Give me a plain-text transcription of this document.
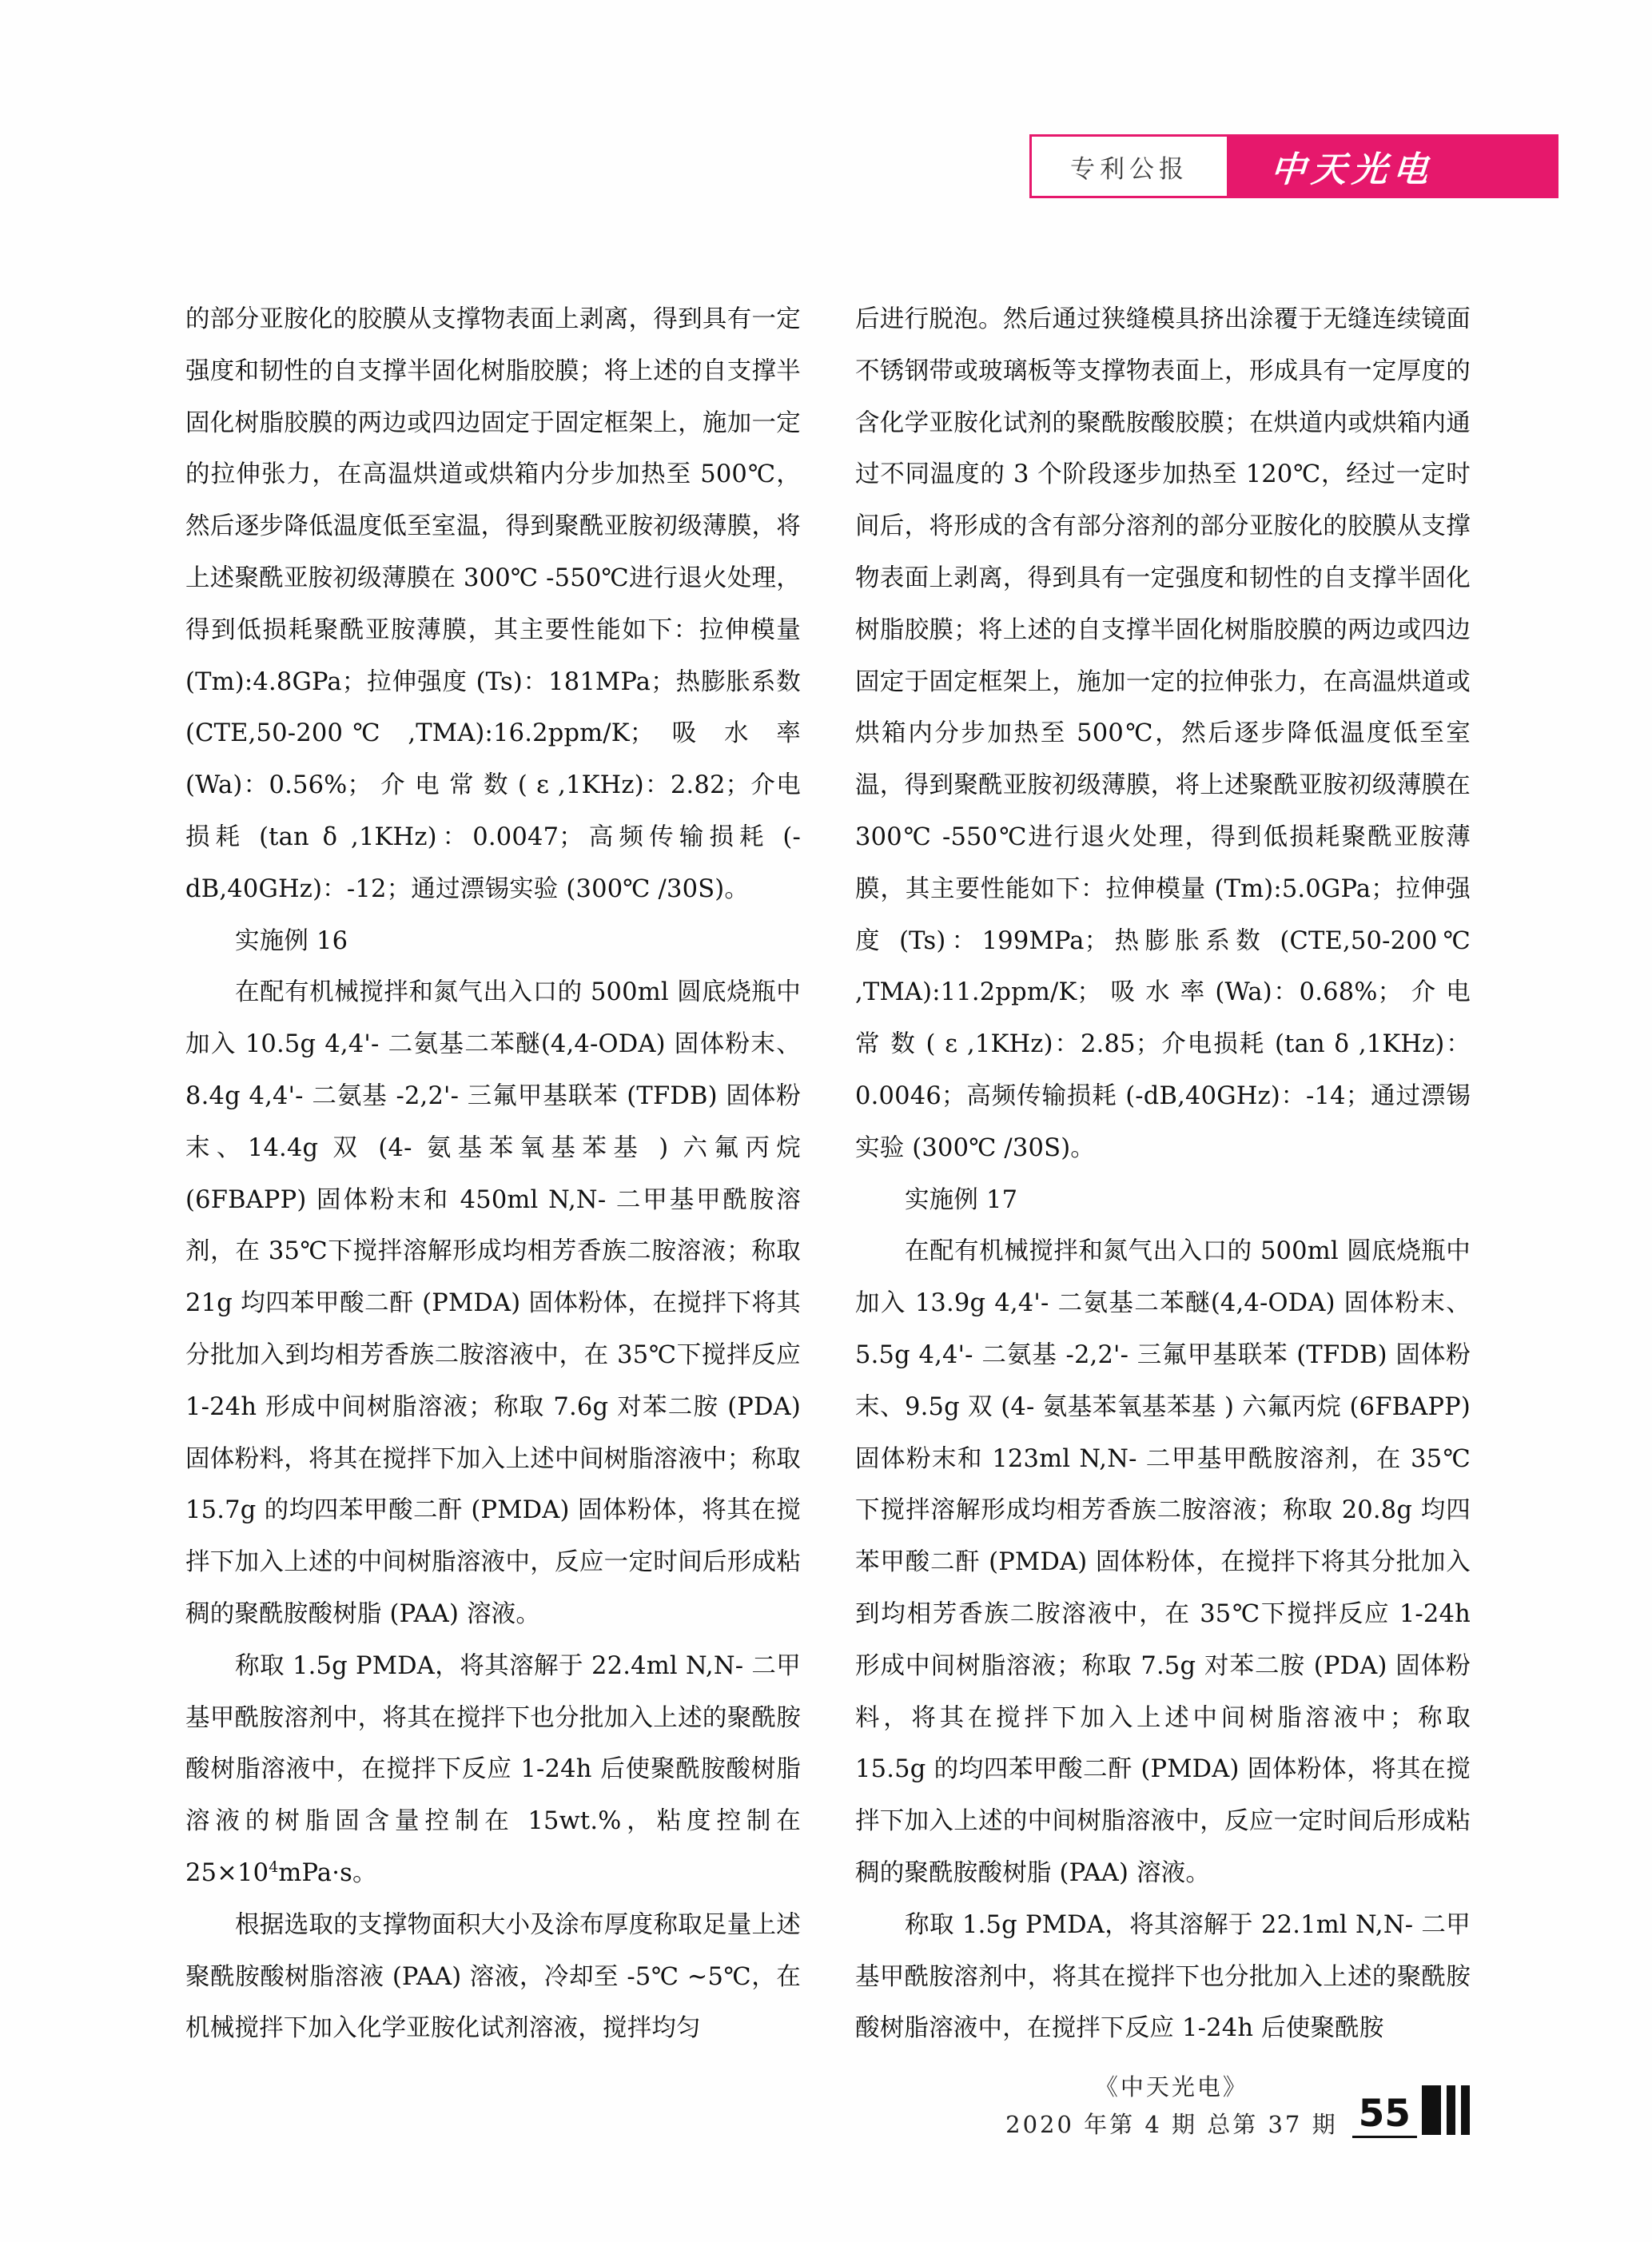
专利公报	中天光电

的部分亚胺化的胶膜从支撑物表面上剥离，得到具有一定强度和韧性的自支撑半固化树脂胶膜；将上述的自支撑半固化树脂胶膜的两边或四边固定于固定框架上，施加一定的拉伸张力，在高温烘道或烘箱内分步加热至 500℃，然后逐步降低温度低至室温，得到聚酰亚胺初级薄膜，将上述聚酰亚胺初级薄膜在 300℃ -550℃进行退火处理，得到低损耗聚酰亚胺薄膜，其主要性能如下：拉伸模量 (Tm):4.8GPa；拉伸强度 (Ts)：181MPa；热膨胀系数 (CTE,50-200℃ ,TMA):16.2ppm/K； 吸 水 率 (Wa)：0.56%； 介 电 常 数 ( ε ,1KHz)：2.82；介电损耗 (tan δ ,1KHz)：0.0047；高频传输损耗 (-dB,40GHz)：-12；通过漂锡实验 (300℃ /30S)。

实施例 16

在配有机械搅拌和氮气出入口的 500ml 圆底烧瓶中加入 10.5g 4,4'- 二氨基二苯醚(4,4-ODA) 固体粉末、8.4g 4,4'- 二氨基 -2,2'- 三氟甲基联苯 (TFDB) 固体粉末、14.4g 双 (4- 氨基苯氧基苯基 ) 六氟丙烷 (6FBAPP) 固体粉末和 450ml N,N- 二甲基甲酰胺溶剂，在 35℃下搅拌溶解形成均相芳香族二胺溶液；称取 21g 均四苯甲酸二酐 (PMDA) 固体粉体，在搅拌下将其分批加入到均相芳香族二胺溶液中，在 35℃下搅拌反应 1-24h 形成中间树脂溶液；称取 7.6g 对苯二胺 (PDA) 固体粉料，将其在搅拌下加入上述中间树脂溶液中；称取 15.7g 的均四苯甲酸二酐 (PMDA) 固体粉体，将其在搅拌下加入上述的中间树脂溶液中，反应一定时间后形成粘稠的聚酰胺酸树脂 (PAA) 溶液。

称取 1.5g PMDA，将其溶解于 22.4ml N,N- 二甲基甲酰胺溶剂中，将其在搅拌下也分批加入上述的聚酰胺酸树脂溶液中，在搅拌下反应 1-24h 后使聚酰胺酸树脂溶液的树脂固含量控制在 15wt.%，粘度控制在 $25\times 10^4mPa\cdot s$。

根据选取的支撑物面积大小及涂布厚度称取足量上述聚酰胺酸树脂溶液 (PAA) 溶液，冷却至 -5℃ ~5℃，在机械搅拌下加入化学亚胺化试剂溶液，搅拌均匀

后进行脱泡。然后通过狭缝模具挤出涂覆于无缝连续镜面不锈钢带或玻璃板等支撑物表面上，形成具有一定厚度的含化学亚胺化试剂的聚酰胺酸胶膜；在烘道内或烘箱内通过不同温度的 3 个阶段逐步加热至 120℃，经过一定时间后，将形成的含有部分溶剂的部分亚胺化的胶膜从支撑物表面上剥离，得到具有一定强度和韧性的自支撑半固化树脂胶膜；将上述的自支撑半固化树脂胶膜的两边或四边固定于固定框架上，施加一定的拉伸张力，在高温烘道或烘箱内分步加热至 500℃，然后逐步降低温度低至室温，得到聚酰亚胺初级薄膜，将上述聚酰亚胺初级薄膜在 300℃ -550℃进行退火处理，得到低损耗聚酰亚胺薄膜，其主要性能如下：拉伸模量 (Tm):5.0GPa；拉伸强度 (Ts)：199MPa；热膨胀系数 (CTE,50-200℃ ,TMA):11.2ppm/K； 吸 水 率 (Wa)：0.68%； 介 电 常 数 ( ε ,1KHz)：2.85；介电损耗 (tan δ ,1KHz)：0.0046；高频传输损耗 (-dB,40GHz)：-14；通过漂锡实验 (300℃ /30S)。

实施例 17

在配有机械搅拌和氮气出入口的 500ml 圆底烧瓶中加入 13.9g 4,4'- 二氨基二苯醚(4,4-ODA) 固体粉末、5.5g 4,4'- 二氨基 -2,2'- 三氟甲基联苯 (TFDB) 固体粉末、9.5g 双 (4- 氨基苯氧基苯基 ) 六氟丙烷 (6FBAPP) 固体粉末和 123ml N,N- 二甲基甲酰胺溶剂，在 35℃下搅拌溶解形成均相芳香族二胺溶液；称取 20.8g 均四苯甲酸二酐 (PMDA) 固体粉体，在搅拌下将其分批加入到均相芳香族二胺溶液中，在 35℃下搅拌反应 1-24h 形成中间树脂溶液；称取 7.5g 对苯二胺 (PDA) 固体粉料，将其在搅拌下加入上述中间树脂溶液中；称取 15.5g 的均四苯甲酸二酐 (PMDA) 固体粉体，将其在搅拌下加入上述的中间树脂溶液中，反应一定时间后形成粘稠的聚酰胺酸树脂 (PAA) 溶液。

称取 1.5g PMDA，将其溶解于 22.1ml N,N- 二甲基甲酰胺溶剂中，将其在搅拌下也分批加入上述的聚酰胺酸树脂溶液中，在搅拌下反应 1-24h 后使聚酰胺

《中天光电》
2020 年第 4 期 总第 37 期 55
